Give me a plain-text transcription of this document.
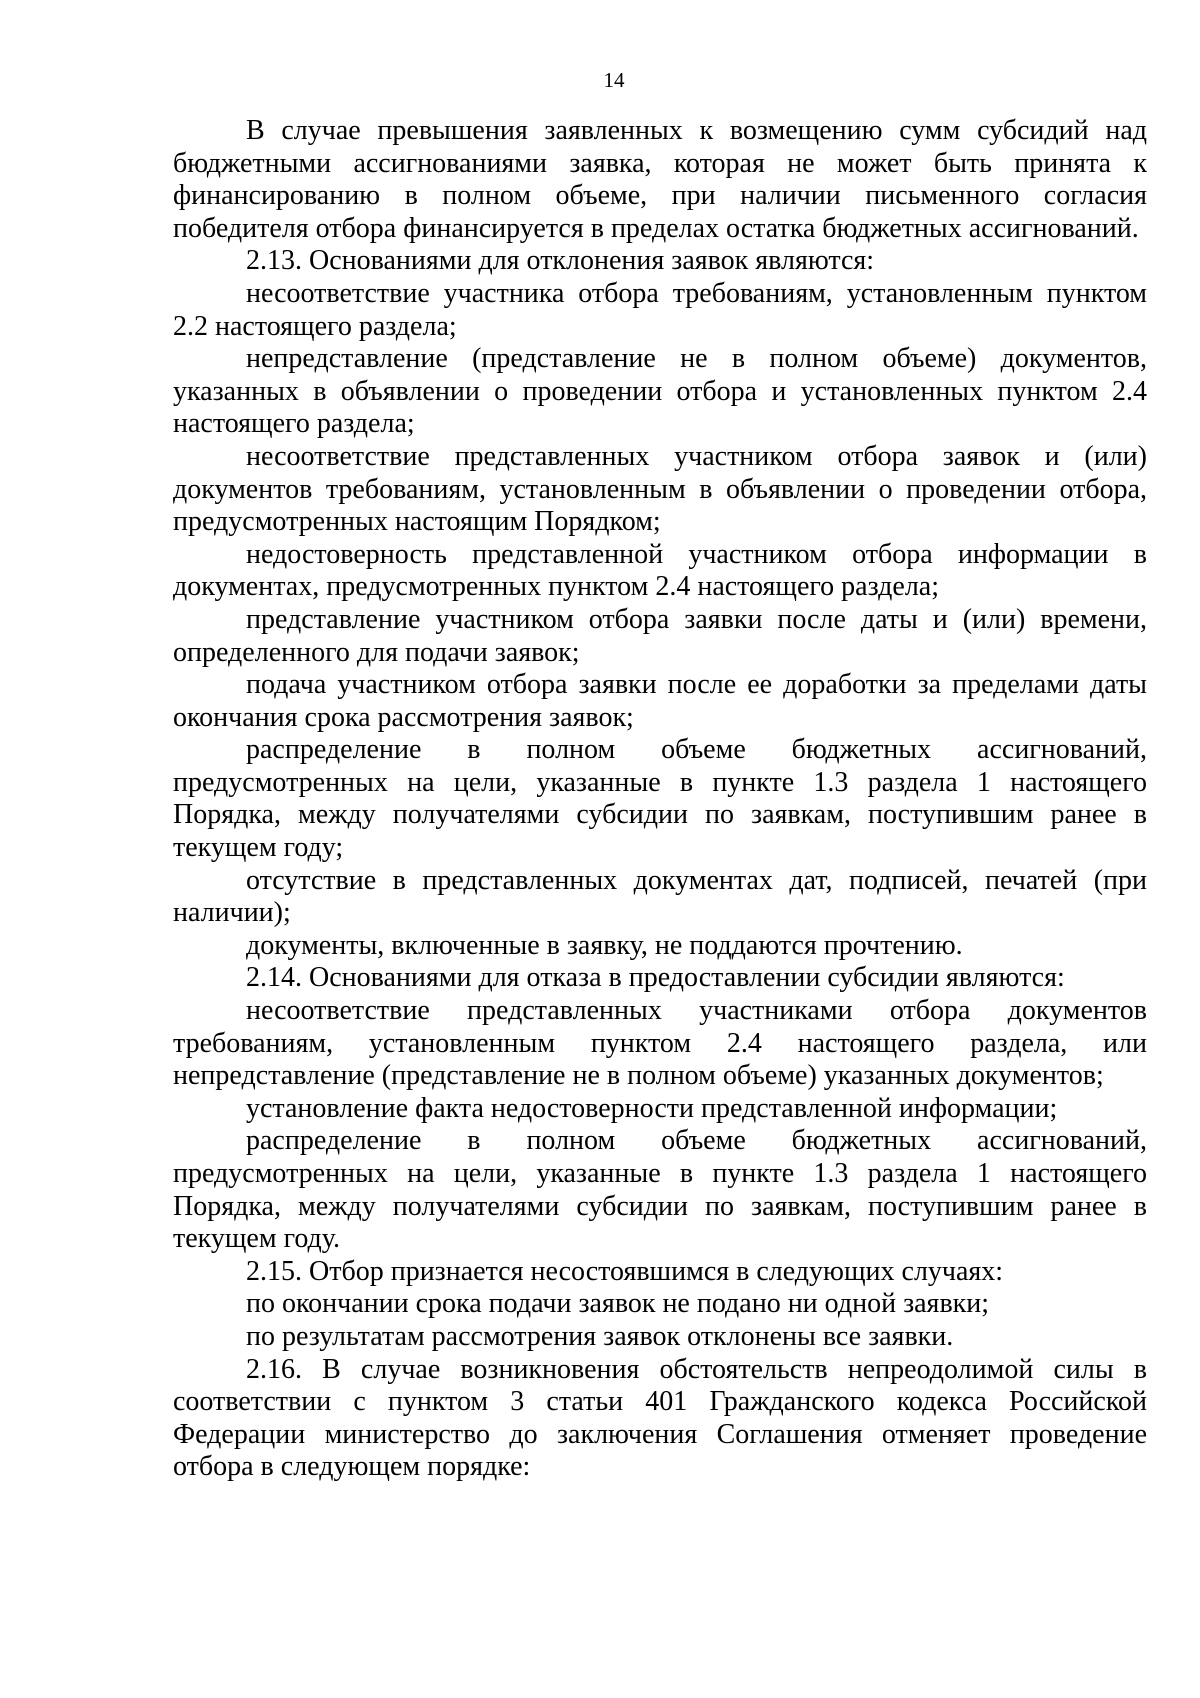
14

В случае превышения заявленных к возмещению сумм субсидий над бюджетными ассигнованиями заявка, которая не может быть принята к финансированию в полном объеме, при наличии письменного согласия победителя отбора финансируется в пределах остатка бюджетных ассигнований.

2.13. Основаниями для отклонения заявок являются:

несоответствие участника отбора требованиям, установленным пунктом 2.2 настоящего раздела;

непредставление (представление не в полном объеме) документов, указанных в объявлении о проведении отбора и установленных пунктом 2.4 настоящего раздела;

несоответствие представленных участником отбора заявок и (или) документов требованиям, установленным в объявлении о проведении отбора, предусмотренных настоящим Порядком;

недостоверность представленной участником отбора информации в документах, предусмотренных пунктом 2.4 настоящего раздела;

представление участником отбора заявки после даты и (или) времени, определенного для подачи заявок;

подача участником отбора заявки после ее доработки за пределами даты окончания срока рассмотрения заявок;

распределение в полном объеме бюджетных ассигнований, предусмотренных на цели, указанные в пункте 1.3 раздела 1 настоящего Порядка, между получателями субсидии по заявкам, поступившим ранее в текущем году;

отсутствие в представленных документах дат, подписей, печатей (при наличии);

документы, включенные в заявку, не поддаются прочтению.

2.14. Основаниями для отказа в предоставлении субсидии являются:

несоответствие представленных участниками отбора документов требованиям, установленным пунктом 2.4 настоящего раздела, или непредставление (представление не в полном объеме) указанных документов;

установление факта недостоверности представленной информации;

распределение в полном объеме бюджетных ассигнований, предусмотренных на цели, указанные в пункте 1.3 раздела 1 настоящего Порядка, между получателями субсидии по заявкам, поступившим ранее в текущем году.

2.15. Отбор признается несостоявшимся в следующих случаях:

по окончании срока подачи заявок не подано ни одной заявки;

по результатам рассмотрения заявок отклонены все заявки.

2.16. В случае возникновения обстоятельств непреодолимой силы в соответствии с пунктом 3 статьи 401 Гражданского кодекса Российской Федерации министерство до заключения Соглашения отменяет проведение отбора в следующем порядке:
